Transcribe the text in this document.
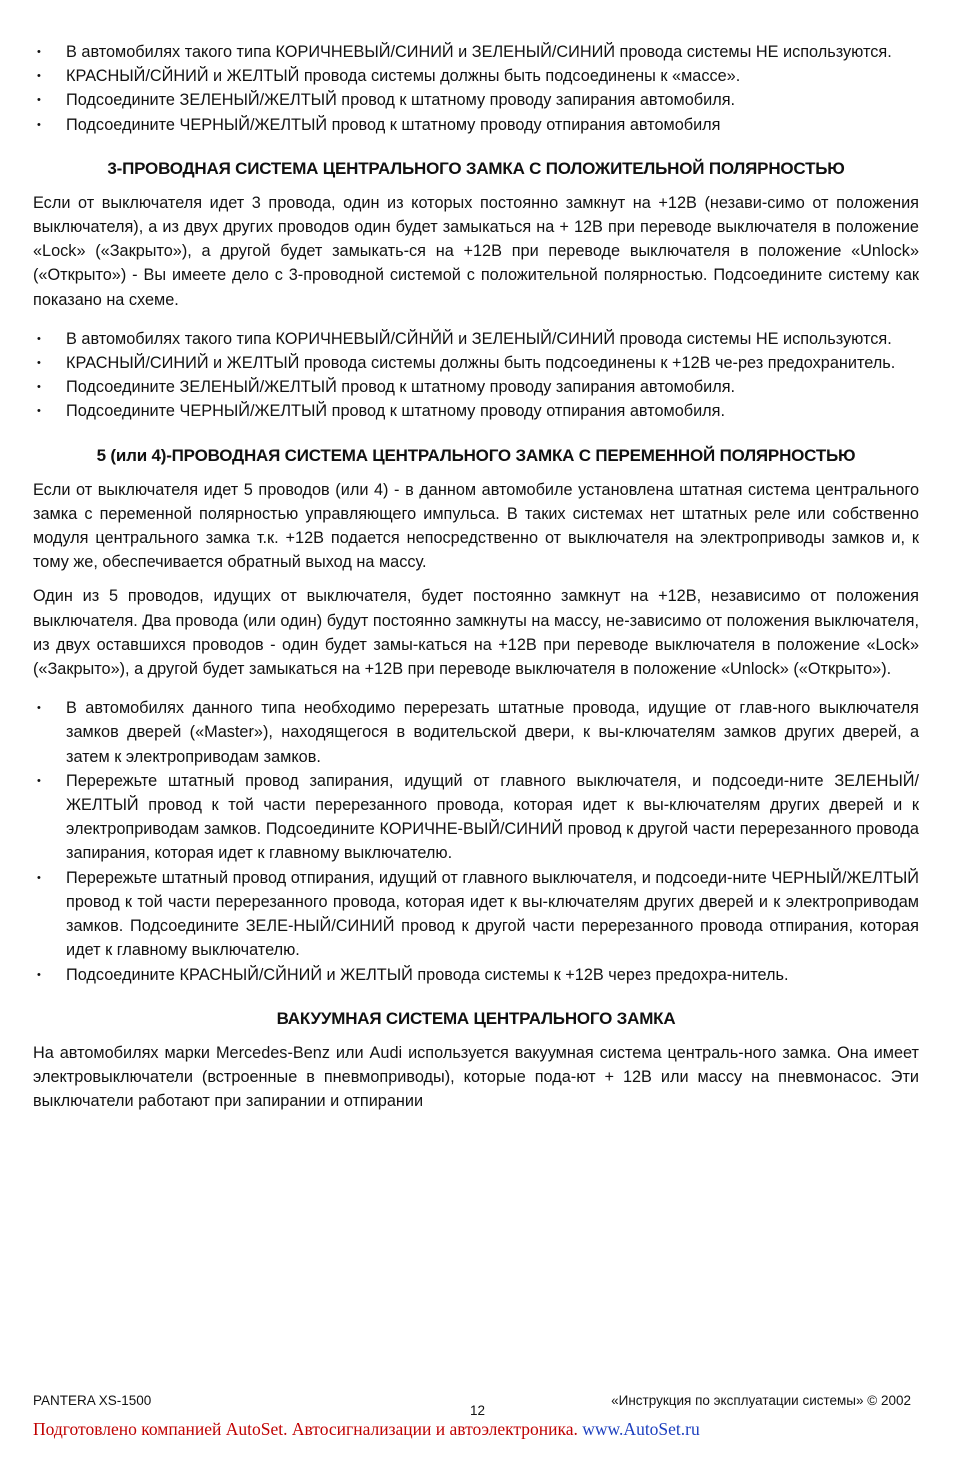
• В автомобилях такого типа КОРИЧНЕВЫЙ/СИНИЙ и ЗЕЛЕНЫЙ/СИНИЙ провода системы НЕ используются.
• КРАСНЫЙ/СЙНИЙ и ЖЕЛТЫЙ провода системы должны быть подсоединены к «массе».
• Подсоедините ЗЕЛЕНЫЙ/ЖЕЛТЫЙ провод к штатному проводу запирания автомобиля.
• Подсоедините ЧЕРНЫЙ/ЖЕЛТЫЙ провод к штатному проводу отпирания автомобиля
3-ПРОВОДНАЯ СИСТЕМА ЦЕНТРАЛЬНОГО ЗАМКА С ПОЛОЖИТЕЛЬНОЙ ПОЛЯРНОСТЬЮ

Если от выключателя идет 3 провода, один из которых постоянно замкнут на +12В (незави-симо от положения выключателя), а из двух других проводов один будет замыкаться на + 12В при переводе выключателя в положение «Lock» («Закрыто»), а другой будет замыкать-ся на +12В при переводе выключателя в положение «Unlock» («Открыто») - Вы имеете дело с 3-проводной системой с положительной полярностью. Подсоедините систему как показано на схеме.

• В автомобилях такого типа КОРИЧНЕВЫЙ/СЙНЙЙ и ЗЕЛЕНЫЙ/СИНИЙ провода системы НЕ используются.
• КРАСНЫЙ/СИНИЙ и ЖЕЛТЫЙ провода системы должны быть подсоединены к +12В че-рез предохранитель.
• Подсоедините ЗЕЛЕНЫЙ/ЖЕЛТЫЙ провод к штатному проводу запирания автомобиля.
• Подсоедините ЧЕРНЫЙ/ЖЕЛТЫЙ провод к штатному проводу отпирания автомобиля.
5 (или 4)-ПРОВОДНАЯ СИСТЕМА ЦЕНТРАЛЬНОГО ЗАМКА С ПЕРЕМЕННОЙ ПОЛЯРНОСТЬЮ

Если от выключателя идет 5 проводов (или 4) - в данном автомобиле установлена штатная система центрального замка с переменной полярностью управляющего импульса. В таких системах нет штатных реле или собственно модуля центрального замка т.к. +12В подается непосредственно от выключателя на электроприводы замков и, к тому же, обеспечивается обратный выход на массу.

Один из 5 проводов, идущих от выключателя, будет постоянно замкнут на +12В, независимо от положения выключателя. Два провода (или один) будут постоянно замкнуты на массу, не-зависимо от положения выключателя, из двух оставшихся проводов - один будет замы-каться на +12В при переводе выключателя в положение «Lock» («Закрыто»), а другой будет замыкаться на +12В при переводе выключателя в положение «Unlock» («Открыто»).

• В автомобилях данного типа необходимо перерезать штатные провода, идущие от глав-ного выключателя замков дверей («Master»), находящегося в водительской двери, к вы-ключателям замков других дверей, а затем к электроприводам замков.
• Перережьте штатный провод запирания, идущий от главного выключателя, и подсоеди-ните ЗЕЛЕНЫЙ/ЖЕЛТЫЙ провод к той части перерезанного провода, которая идет к вы-ключателям других дверей и к электроприводам замков. Подсоедините КОРИЧНЕ-ВЫЙ/СИНИЙ провод к другой части перерезанного провода запирания, которая идет к главному выключателю.
• Перережьте штатный провод отпирания, идущий от главного выключателя, и подсоеди-ните ЧЕРНЫЙ/ЖЕЛТЫЙ провод к той части перерезанного провода, которая идет к вы-ключателям других дверей и к электроприводам замков. Подсоедините ЗЕЛЕ-НЫЙ/СИНИЙ провод к другой части перерезанного провода отпирания, которая идет к главному выключателю.
• Подсоедините КРАСНЫЙ/СЙНИЙ и ЖЕЛТЫЙ провода системы к +12В через предохра-нитель.
ВАКУУМНАЯ СИСТЕМА ЦЕНТРАЛЬНОГО ЗАМКА

На автомобилях марки Mercedes-Benz или Audi используется вакуумная система централь-ного замка. Она имеет электровыключатели (встроенные в пневмоприводы), которые пода-ют + 12В или массу на пневмонасос. Эти выключатели работают при запирании и отпирании

PANTERA XS-1500
12
«Инструкция по эксплуатации системы» © 2002
Подготовлено компанией AutoSet. Автосигнализации и автоэлектроника. www.AutoSet.ru
